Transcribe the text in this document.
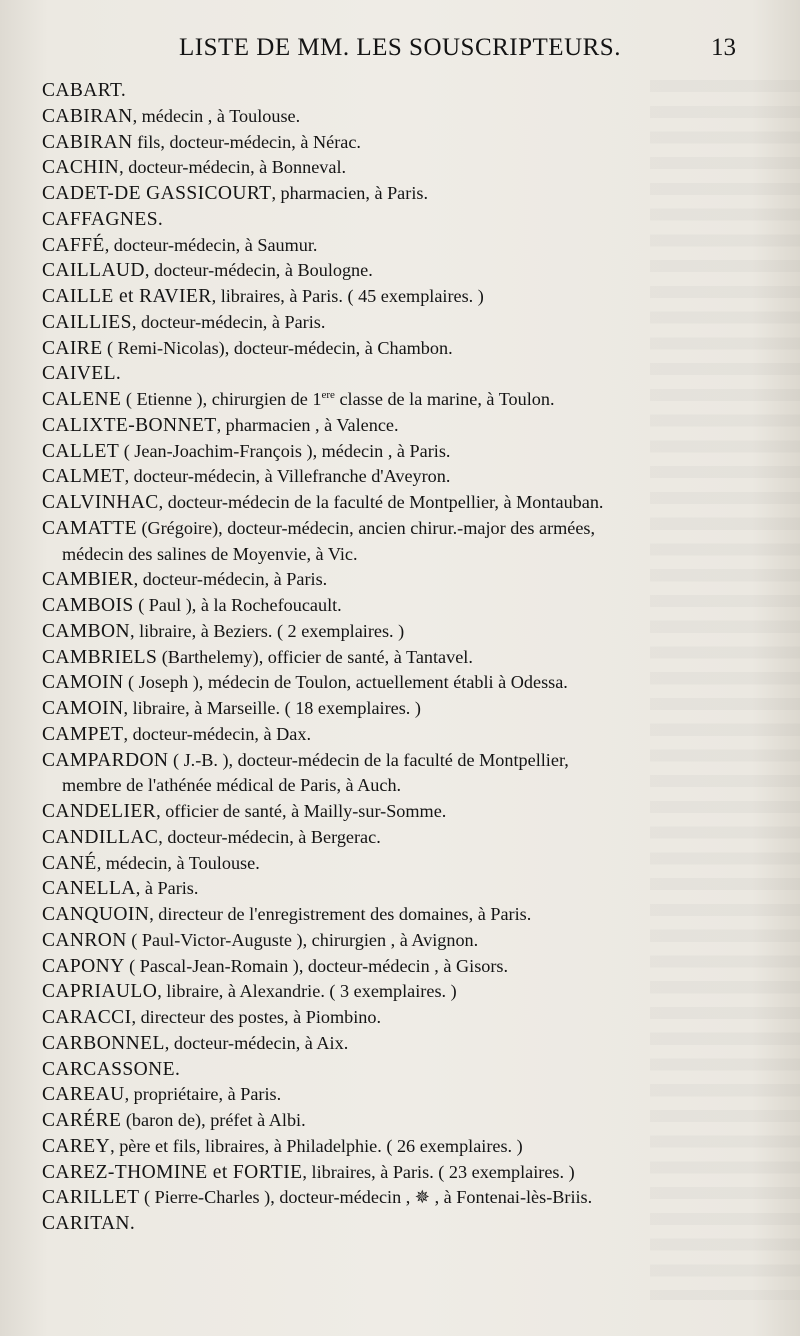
LISTE DE MM. LES SOUSCRIPTEURS.	13
CABART.
CABIRAN, médecin , à Toulouse.
CABIRAN fils, docteur-médecin, à Nérac.
CACHIN, docteur-médecin, à Bonneval.
CADET-DE GASSICOURT, pharmacien, à Paris.
CAFFAGNES.
CAFFÉ, docteur-médecin, à Saumur.
CAILLAUD, docteur-médecin, à Boulogne.
CAILLE et RAVIER, libraires, à Paris. ( 45 exemplaires. )
CAILLIES, docteur-médecin, à Paris.
CAIRE ( Remi-Nicolas), docteur-médecin, à Chambon.
CAIVEL.
CALENE ( Etienne ), chirurgien de 1ere classe de la marine, à Toulon.
CALIXTE-BONNET, pharmacien , à Valence.
CALLET ( Jean-Joachim-François ), médecin , à Paris.
CALMET, docteur-médecin, à Villefranche d'Aveyron.
CALVINHAC, docteur-médecin de la faculté de Montpellier, à Montauban.
CAMATTE (Grégoire), docteur-médecin, ancien chirur.-major des armées,
médecin des salines de Moyenvie, à Vic.
CAMBIER, docteur-médecin, à Paris.
CAMBOIS ( Paul ), à la Rochefoucault.
CAMBON, libraire, à Beziers. ( 2 exemplaires. )
CAMBRIELS (Barthelemy), officier de santé, à Tantavel.
CAMOIN ( Joseph ), médecin de Toulon, actuellement établi à Odessa.
CAMOIN, libraire, à Marseille. ( 18 exemplaires. )
CAMPET, docteur-médecin, à Dax.
CAMPARDON ( J.-B. ), docteur-médecin de la faculté de Montpellier,
membre de l'athénée médical de Paris, à Auch.
CANDELIER, officier de santé, à Mailly-sur-Somme.
CANDILLAC, docteur-médecin, à Bergerac.
CANÉ, médecin, à Toulouse.
CANELLA, à Paris.
CANQUOIN, directeur de l'enregistrement des domaines, à Paris.
CANRON ( Paul-Victor-Auguste ), chirurgien , à Avignon.
CAPONY ( Pascal-Jean-Romain ), docteur-médecin , à Gisors.
CAPRIAULO, libraire, à Alexandrie. ( 3 exemplaires. )
CARACCI, directeur des postes, à Piombino.
CARBONNEL, docteur-médecin, à Aix.
CARCASSONE.
CAREAU, propriétaire, à Paris.
CARÉRE (baron de), préfet à Albi.
CAREY, père et fils, libraires, à Philadelphie. ( 26 exemplaires. )
CAREZ-THOMINE et FORTIE, libraires, à Paris. ( 23 exemplaires. )
CARILLET ( Pierre-Charles ), docteur-médecin , ✵ , à Fontenai-lès-Briis.
CARITAN.
